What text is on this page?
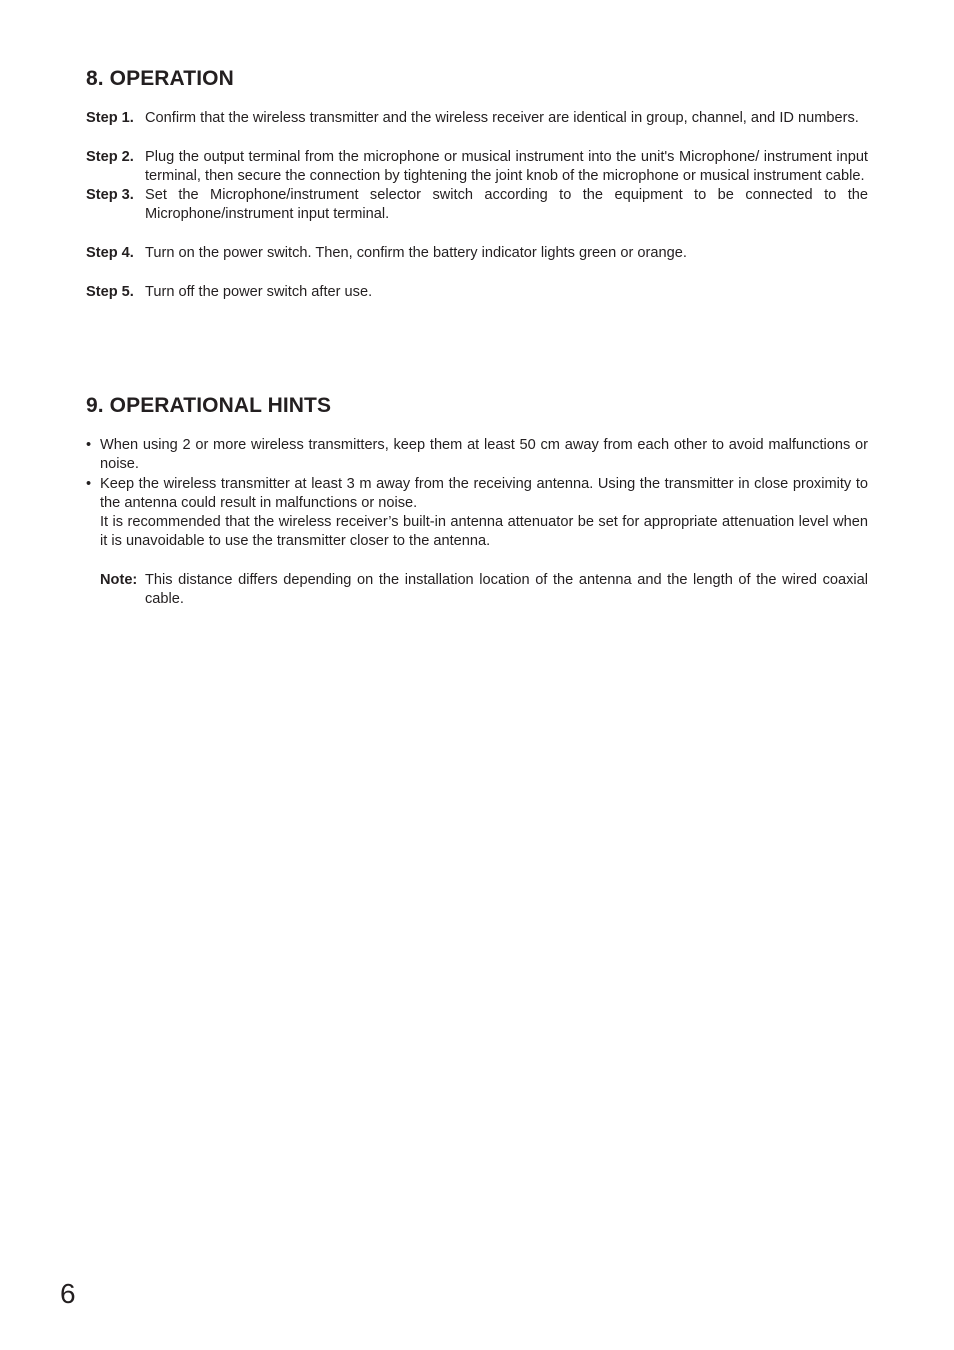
8. OPERATION
Step 1. Confirm that the wireless transmitter and the wireless receiver are identical in group, channel, and ID numbers.
Step 2. Plug the output terminal from the microphone or musical instrument into the unit's Microphone/ instrument input terminal, then secure the connection by tightening the joint knob of the microphone or musical instrument cable.
Step 3. Set the Microphone/instrument selector switch according to the equipment to be connected to the Microphone/instrument input terminal.
Step 4. Turn on the power switch. Then, confirm the battery indicator lights green or orange.
Step 5. Turn off the power switch after use.
9. OPERATIONAL HINTS
• When using 2 or more wireless transmitters, keep them at least 50 cm away from each other to avoid malfunctions or noise.

• Keep the wireless transmitter at least 3 m away from the receiving antenna. Using the transmitter in close proximity to the antenna could result in malfunctions or noise.

It is recommended that the wireless receiver’s built-in antenna attenuator be set for appropriate attenuation level when it is unavoidable to use the transmitter closer to the antenna.

Note: This distance differs depending on the installation location of the antenna and the length of the wired coaxial cable.
6
